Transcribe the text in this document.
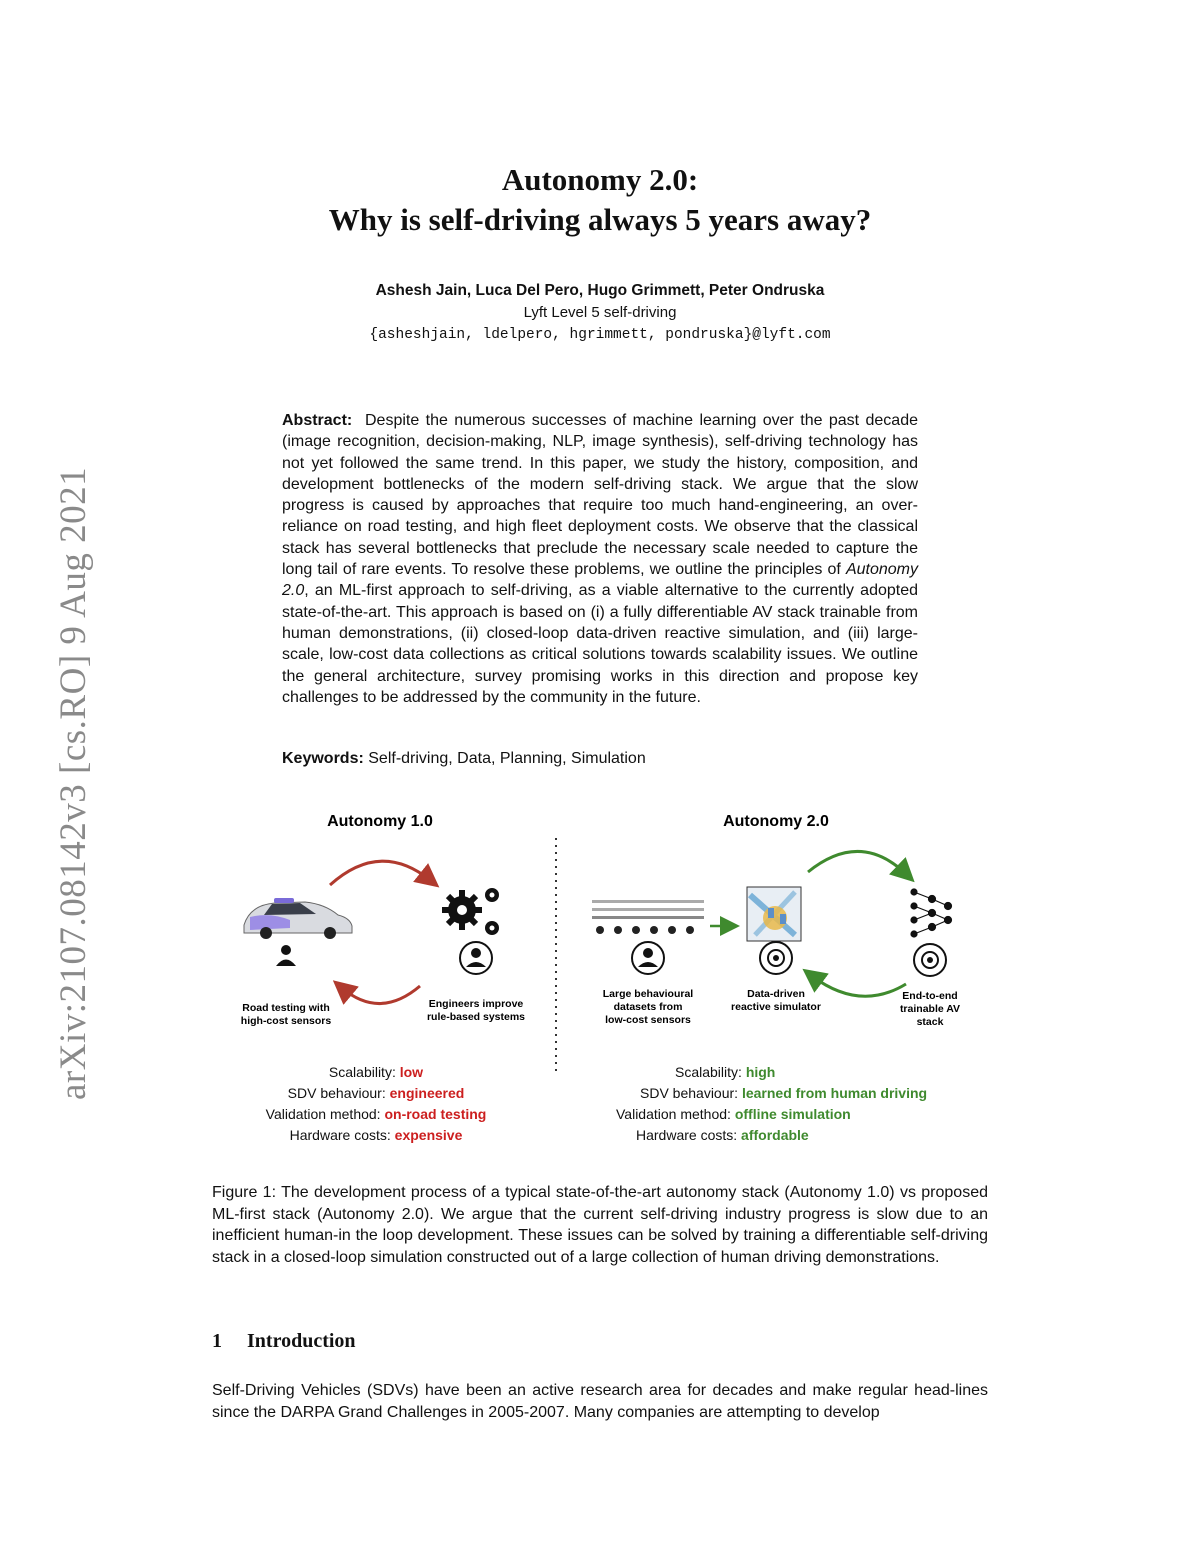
arXiv:2107.08142v3 [cs.RO] 9 Aug 2021
Autonomy 2.0:
Why is self-driving always 5 years away?
Ashesh Jain, Luca Del Pero, Hugo Grimmett, Peter Ondruska
Lyft Level 5 self-driving
{asheshjain, ldelpero, hgrimmett, pondruska}@lyft.com
Abstract: Despite the numerous successes of machine learning over the past decade (image recognition, decision-making, NLP, image synthesis), self-driving technology has not yet followed the same trend. In this paper, we study the history, composition, and development bottlenecks of the modern self-driving stack. We argue that the slow progress is caused by approaches that require too much hand-engineering, an over-reliance on road testing, and high fleet deployment costs. We observe that the classical stack has several bottlenecks that preclude the necessary scale needed to capture the long tail of rare events. To resolve these problems, we outline the principles of Autonomy 2.0, an ML-first approach to self-driving, as a viable alternative to the currently adopted state-of-the-art. This approach is based on (i) a fully differentiable AV stack trainable from human demonstrations, (ii) closed-loop data-driven reactive simulation, and (iii) large-scale, low-cost data collections as critical solutions towards scalability issues. We outline the general architecture, survey promising works in this direction and propose key challenges to be addressed by the community in the future.
Keywords: Self-driving, Data, Planning, Simulation
Autonomy 1.0	Autonomy 2.0
Road testing with
high-cost sensors
Engineers improve
rule-based systems
Large behavioural
datasets from
low-cost sensors
Data-driven
reactive simulator
End-to-end
trainable AV
stack
Scalability: low
SDV behaviour: engineered
Validation method: on-road testing
Hardware costs: expensive
Scalability: high
SDV behaviour: learned from human driving
Validation method: offline simulation
Hardware costs: affordable
Figure 1: The development process of a typical state-of-the-art autonomy stack (Autonomy 1.0) vs proposed ML-first stack (Autonomy 2.0). We argue that the current self-driving industry progress is slow due to an inefficient human-in the loop development. These issues can be solved by training a differentiable self-driving stack in a closed-loop simulation constructed out of a large collection of human driving demonstrations.
1 Introduction
Self-Driving Vehicles (SDVs) have been an active research area for decades and make regular head-lines since the DARPA Grand Challenges in 2005-2007. Many companies are attempting to develop
